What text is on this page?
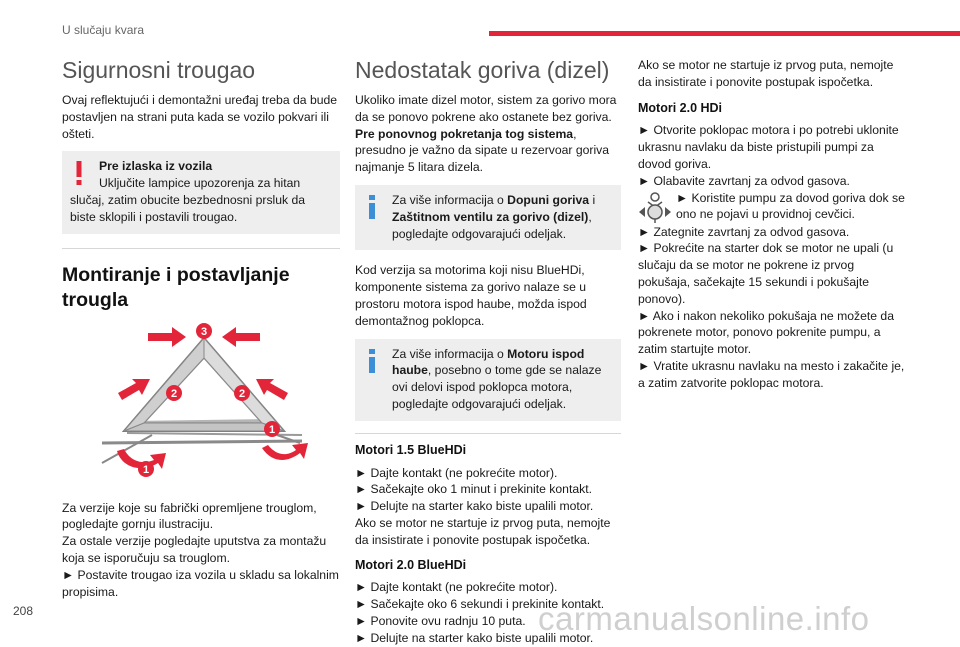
U slučaju kvara
Sigurnosni trougao

Ovaj reflektujući i demontažni uređaj treba da bude postavljen na strani puta kada se vozilo pokvari ili ošteti.

Pre izlaska iz vozila
Uključite lampice upozorenja za hitan slučaj, zatim obucite bezbednosni prsluk da biste sklopili i postavili trougao.
Montiranje i postavljanje trougla
3
2	2
1
1
Za verzije koje su fabrički opremljene trouglom, pogledajte gornju ilustraciju.
Za ostale verzije pogledajte uputstva za montažu koja se isporučuju sa trouglom.
► Postavite trougao iza vozila u skladu sa lokalnim propisima.
Nedostatak goriva (dizel)

Ukoliko imate dizel motor, sistem za gorivo mora da se ponovo pokrene ako ostanete bez goriva. Pre ponovnog pokretanja tog sistema, presudno je važno da sipate u rezervoar goriva najmanje 5 litara dizela.

Za više informacija o Dopuni goriva i Zaštitnom ventilu za gorivo (dizel), pogledajte odgovarajući odeljak.

Kod verzija sa motorima koji nisu BlueHDi, komponente sistema za gorivo nalaze se u prostoru motora ispod haube, možda ispod demontažnog poklopca.

Za više informacija o Motoru ispod haube, posebno o tome gde se nalaze ovi delovi ispod poklopca motora, pogledajte odgovarajući odeljak.
Motori 1.5 BlueHDi
► Dajte kontakt (ne pokrećite motor).
► Sačekajte oko 1 minut i prekinite kontakt.
► Delujte na starter kako biste upalili motor.
Ako se motor ne startuje iz prvog puta, nemojte da insistirate i ponovite postupak ispočetka.
Motori 2.0 BlueHDi
► Dajte kontakt (ne pokrećite motor).
► Sačekajte oko 6 sekundi i prekinite kontakt.
► Ponovite ovu radnju 10 puta.
► Delujte na starter kako biste upalili motor.

Ako se motor ne startuje iz prvog puta, nemojte da insistirate i ponovite postupak ispočetka.

Motori 2.0 HDi
► Otvorite poklopac motora i po potrebi uklonite ukrasnu navlaku da biste pristupili pumpi za dovod goriva.
► Olabavite zavrtanj za odvod gasova.
► Koristite pumpu za dovod goriva dok se ono ne pojavi u providnoj cevčici.
► Zategnite zavrtanj za odvod gasova.
► Pokrećite na starter dok se motor ne upali (u slučaju da se motor ne pokrene iz prvog pokušaja, sačekajte 15 sekundi i pokušajte ponovo).
► Ako i nakon nekoliko pokušaja ne možete da pokrenete motor, ponovo pokrenite pumpu, a zatim startujte motor.
► Vratite ukrasnu navlaku na mesto i zakačite je, a zatim zatvorite poklopac motora.
208	carmanualsonline.info
